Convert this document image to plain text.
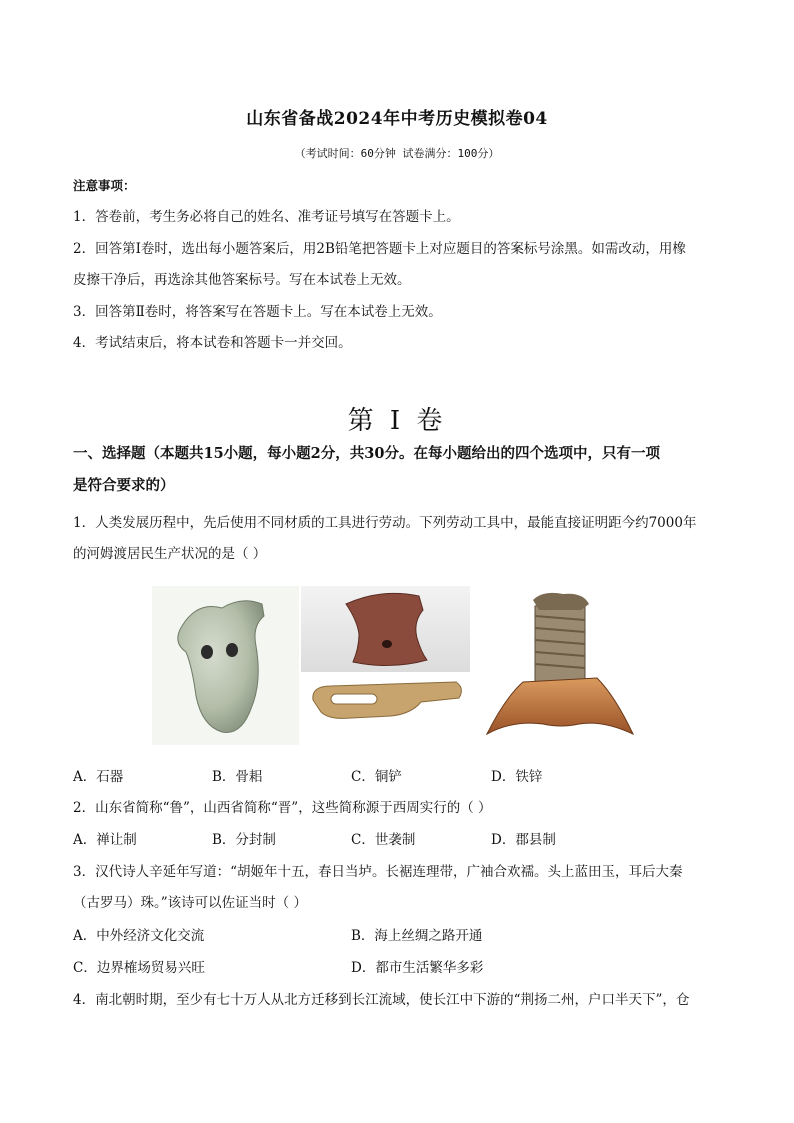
山东省备战2024年中考历史模拟卷04
（考试时间：60分钟 试卷满分：100分）
注意事项：
1．答卷前，考生务必将自己的姓名、准考证号填写在答题卡上。
2．回答第Ⅰ卷时，选出每小题答案后，用2B铅笔把答题卡上对应题目的答案标号涂黑。如需改动，用橡
皮擦干净后，再选涂其他答案标号。写在本试卷上无效。
3．回答第Ⅱ卷时，将答案写在答题卡上。写在本试卷上无效。
4．考试结束后，将本试卷和答题卡一并交回。
第 I 卷
一、选择题（本题共15小题，每小题2分，共30分。在每小题给出的四个选项中，只有一项
是符合要求的）
1．人类发展历程中，先后使用不同材质的工具进行劳动。下列劳动工具中，最能直接证明距今约7000年
的河姆渡居民生产状况的是（ ）
A．石器	B．骨耜	C．铜铲	D．铁锌
2．山东省简称“鲁”，山西省简称“晋”，这些简称源于西周实行的（ ）
A．禅让制	B．分封制	C．世袭制	D．郡县制
3．汉代诗人辛延年写道：“胡姬年十五，春日当垆。长裾连理带，广袖合欢襦。头上蓝田玉，耳后大秦
（古罗马）珠。”该诗可以佐证当时（ ）
A．中外经济文化交流	B．海上丝绸之路开通
C．边界榷场贸易兴旺	D．都市生活繁华多彩
4．南北朝时期，至少有七十万人从北方迁移到长江流域，使长江中下游的“荆扬二州，户口半天下”，仓
